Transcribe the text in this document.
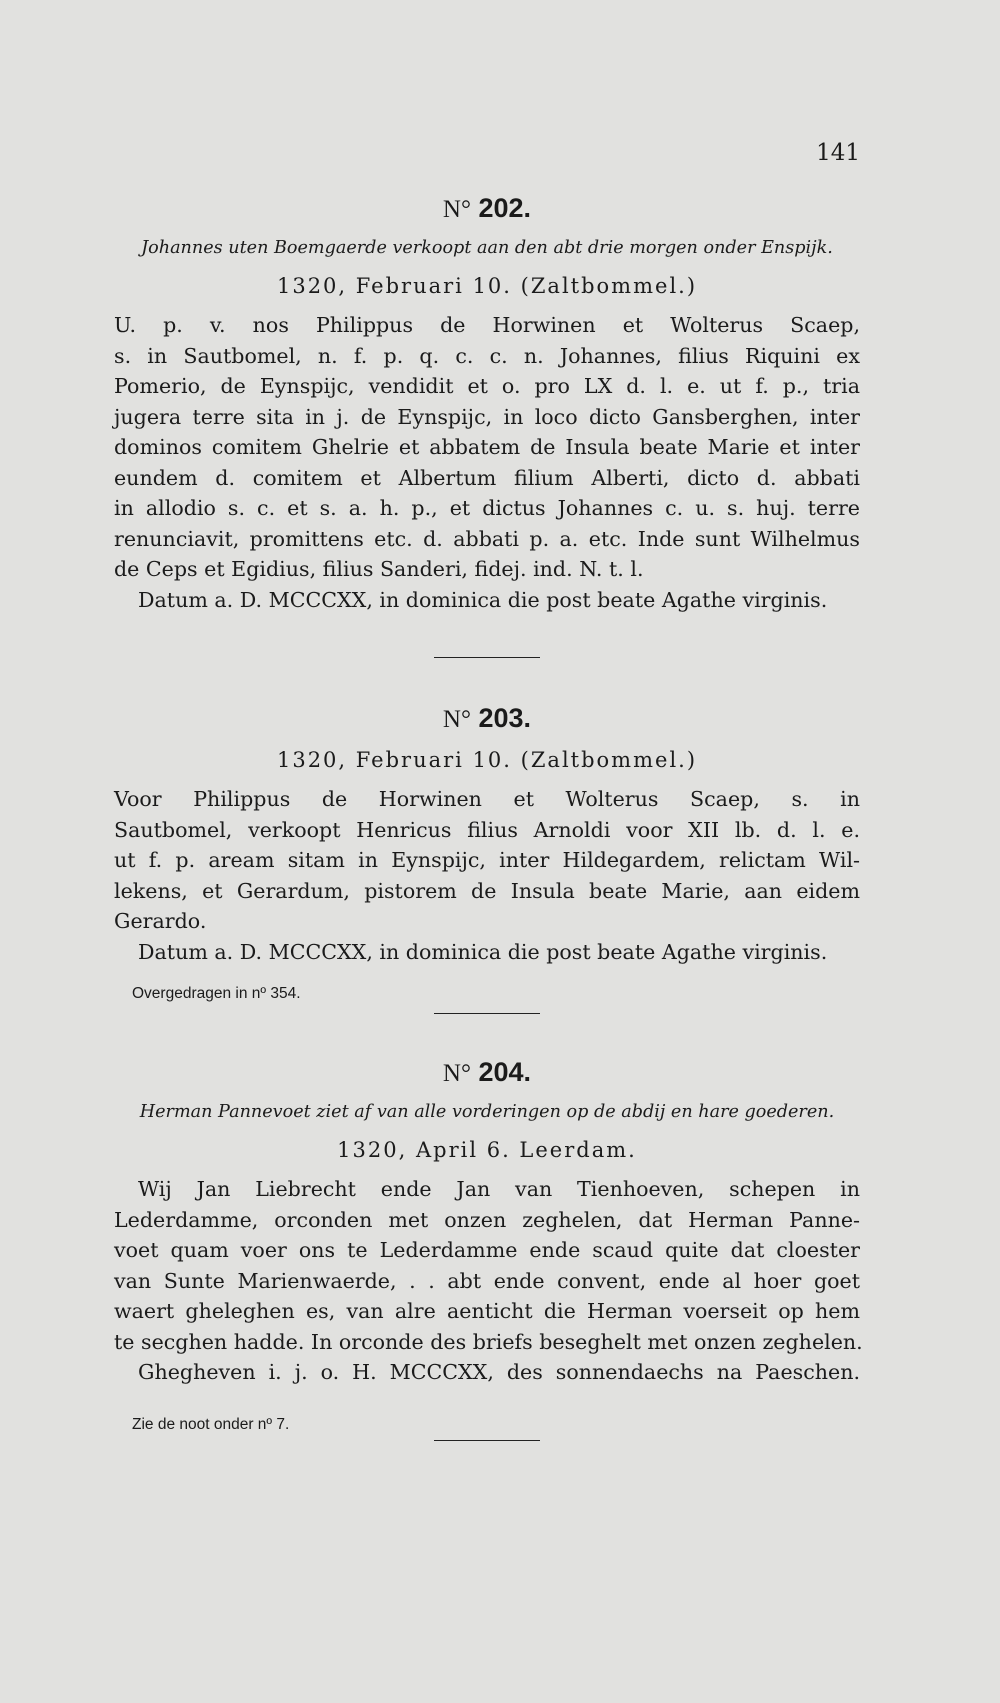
141
N° 202.
Johannes uten Boemgaerde verkoopt aan den abt drie morgen onder Enspijk.
1320, Februari 10. (Zaltbommel.)
U. p. v. nos Philippus de Horwinen et Wolterus Scaep,
s. in Sautbomel, n. f. p. q. c. c. n. Johannes, filius Riquini ex
Pomerio, de Eynspijc, vendidit et o. pro LX d. l. e. ut f. p., tria
jugera terre sita in j. de Eynspijc, in loco dicto Gansberghen, inter
dominos comitem Ghelrie et abbatem de Insula beate Marie et inter
eundem d. comitem et Albertum filium Alberti, dicto d. abbati
in allodio s. c. et s. a. h. p., et dictus Johannes c. u. s. huj. terre
renunciavit, promittens etc. d. abbati p. a. etc. Inde sunt Wilhelmus
de Ceps et Egidius, filius Sanderi, fidej. ind. N. t. l.
Datum a. D. MCCCXX, in dominica die post beate Agathe virginis.
N° 203.
1320, Februari 10. (Zaltbommel.)
Voor Philippus de Horwinen et Wolterus Scaep, s. in
Sautbomel, verkoopt Henricus filius Arnoldi voor XII lb. d. l. e.
ut f. p. aream sitam in Eynspijc, inter Hildegardem, relictam Wil-
lekens, et Gerardum, pistorem de Insula beate Marie, aan eidem
Gerardo.
Datum a. D. MCCCXX, in dominica die post beate Agathe virginis.
Overgedragen in nº 354.
N° 204.
Herman Pannevoet ziet af van alle vorderingen op de abdij en hare goederen.
1320, April 6. Leerdam.
Wij Jan Liebrecht ende Jan van Tienhoeven, schepen in
Lederdamme, orconden met onzen zeghelen, dat Herman Panne-
voet quam voer ons te Lederdamme ende scaud quite dat cloester
van Sunte Marienwaerde, . . abt ende convent, ende al hoer goet
waert gheleghen es, van alre aenticht die Herman voerseit op hem
te secghen hadde. In orconde des briefs beseghelt met onzen zeghelen.
Ghegheven i. j. o. H. MCCCXX, des sonnendaechs na Paeschen.
Zie de noot onder nº 7.
